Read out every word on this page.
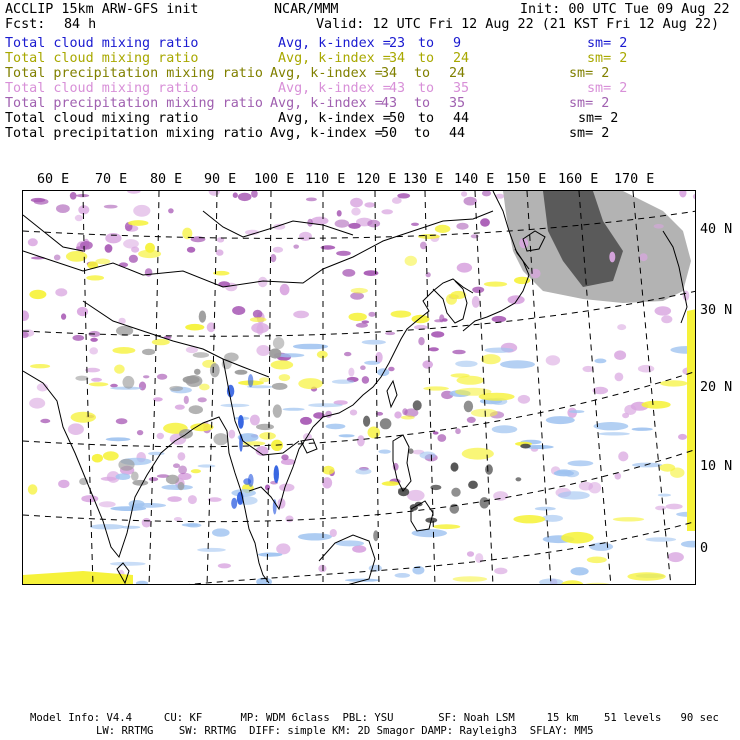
ACCLIP 15km ARW-GFS init	NCAR/MMM	Init: 00 UTC Tue 09 Aug 22
Fcst: 84 h	Valid: 12 UTC Fri 12 Aug 22 (21 KST Fri 12 Aug 22)
Total cloud mixing ratio	Avg, k-index =
23 to 9	sm= 2
Total cloud mixing ratio	Avg, k-index =
34 to 24	sm= 2
Total precipitation mixing ratio Avg, k-index =
34 to 24	sm= 2
Total cloud mixing ratio	Avg, k-index =
43 to 35	sm= 2
Total precipitation mixing ratio Avg, k-index =
43 to 35	sm= 2
Total cloud mixing ratio	Avg, k-index =
50 to 44	sm= 2
Total precipitation mixing ratio Avg, k-index =
50 to 44	sm= 2
60 E 70 E 80 E 90 E 100 E 110 E 120 E 130 E 140 E 150 E 160 E 170 E
40 N
30 N
20 N
10 N
0
Model Info: V4.4     CU: KF      MP: WDM 6class  PBL: YSU       SF: Noah LSM     15 km    51 levels   90 sec
LW: RRTMG    SW: RRTMG  DIFF: simple KM: 2D Smagor DAMP: Rayleigh3  SFLAY: MM5
